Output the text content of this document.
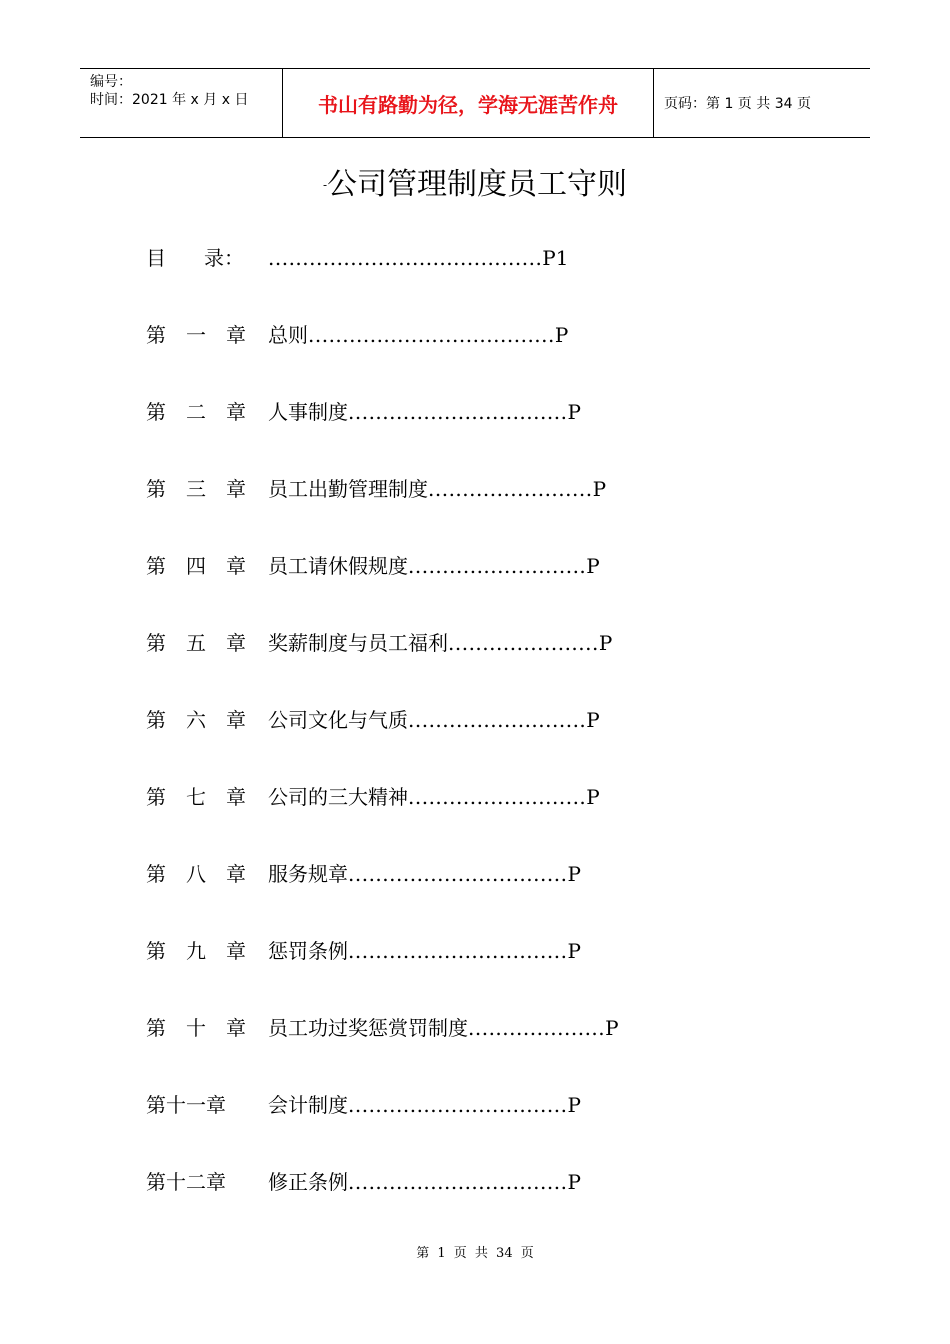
编号：
时间：2021 年 x 月 x 日	书山有路勤为径，学海无涯苦作舟	页码：第 1 页 共 34 页
-公司管理制度员工守则
目 录： ........................................P1
第 一 章 总则....................................P
第 二 章 人事制度................................P
第 三 章 员工出勤管理制度........................P
第 四 章 员工请休假规度..........................P
第 五 章 奖薪制度与员工福利......................P
第 六 章 公司文化与气质..........................P
第 七 章 公司的三大精神..........................P
第 八 章 服务规章................................P
第 九 章 惩罚条例................................P
第 十 章 员工功过奖惩赏罚制度....................P
第十一章 会计制度................................P
第十二章 修正条例................................P
第 1 页 共 34 页
